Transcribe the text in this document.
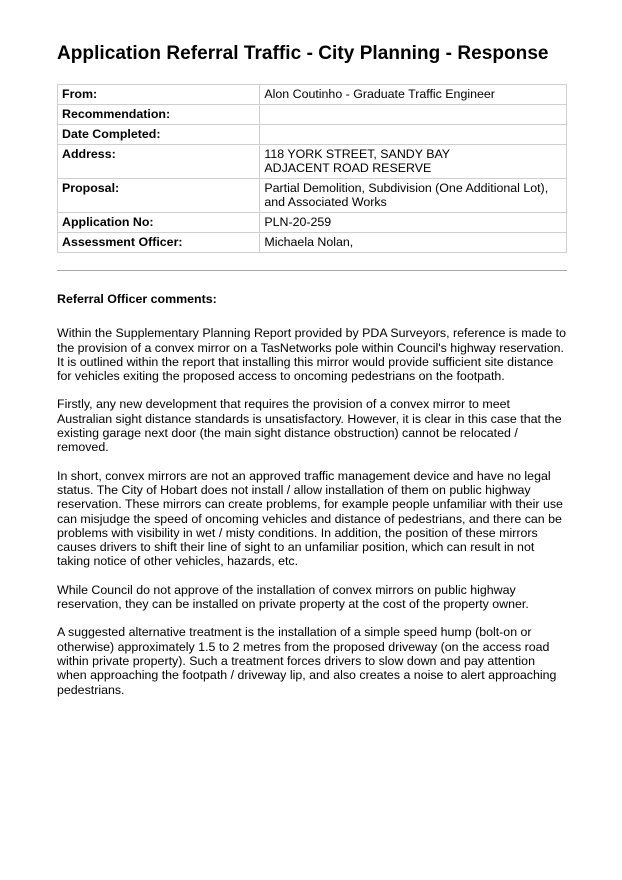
Application Referral Traffic - City Planning - Response
From:	Alon Coutinho - Graduate Traffic Engineer
Recommendation:	
Date Completed:	
Address:	118 YORK STREET, SANDY BAY
ADJACENT ROAD RESERVE

Proposal:	Partial Demolition, Subdivision (One Additional Lot), and Associated Works
Application No:	PLN-20-259
Assessment Officer:	Michaela Nolan,

Referral Officer comments:

Within the Supplementary Planning Report provided by PDA Surveyors, reference is made to the provision of a convex mirror on a TasNetworks pole within Council's highway reservation. It is outlined within the report that installing this mirror would provide sufficient site distance for vehicles exiting the proposed access to oncoming pedestrians on the footpath.

Firstly, any new development that requires the provision of a convex mirror to meet Australian sight distance standards is unsatisfactory. However, it is clear in this case that the existing garage next door (the main sight distance obstruction) cannot be relocated / removed.

In short, convex mirrors are not an approved traffic management device and have no legal status. The City of Hobart does not install / allow installation of them on public highway reservation. These mirrors can create problems, for example people unfamiliar with their use can misjudge the speed of oncoming vehicles and distance of pedestrians, and there can be problems with visibility in wet / misty conditions. In addition, the position of these mirrors causes drivers to shift their line of sight to an unfamiliar position, which can result in not taking notice of other vehicles, hazards, etc.

While Council do not approve of the installation of convex mirrors on public highway reservation, they can be installed on private property at the cost of the property owner.

A suggested alternative treatment is the installation of a simple speed hump (bolt-on or otherwise) approximately 1.5 to 2 metres from the proposed driveway (on the access road within private property). Such a treatment forces drivers to slow down and pay attention when approaching the footpath / driveway lip, and also creates a noise to alert approaching pedestrians.
